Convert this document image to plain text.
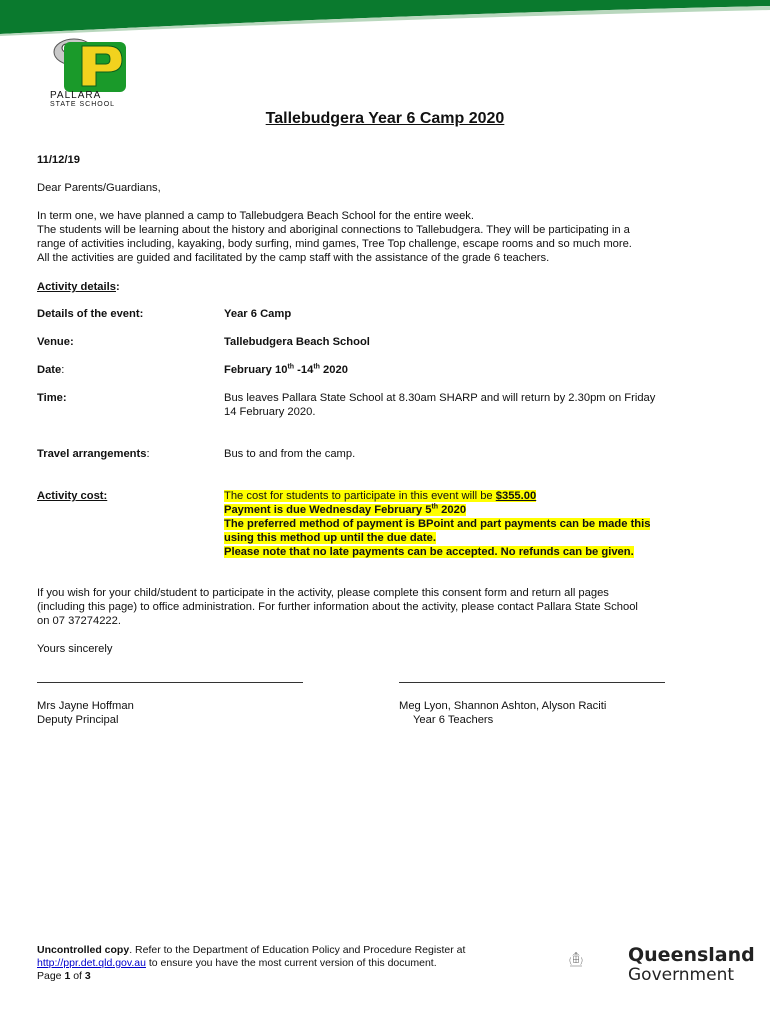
PALLARA
STATE SCHOOL
Tallebudgera Year 6 Camp 2020
11/12/19
Dear Parents/Guardians,
In term one, we have planned a camp to Tallebudgera Beach School for the entire week.
The students will be learning about the history and aboriginal connections to Tallebudgera. They will be participating in a
range of activities including, kayaking, body surfing, mind games, Tree Top challenge, escape rooms and so much more.
All the activities are guided and facilitated by the camp staff with the assistance of the grade 6 teachers.
Activity details:
Details of the event:	Year 6 Camp
Venue:	Tallebudgera Beach School
Date:	February 10th -14th 2020
Time:	Bus leaves Pallara State School at 8.30am SHARP and will return by 2.30pm on Friday
14 February 2020.
Travel arrangements:	Bus to and from the camp.
Activity cost:	The cost for students to participate in this event will be $355.00
Payment is due Wednesday February 5th 2020
The preferred method of payment is BPoint and part payments can be made this
using this method up until the due date.
Please note that no late payments can be accepted. No refunds can be given.
If you wish for your child/student to participate in the activity, please complete this consent form and return all pages
(including this page) to office administration. For further information about the activity, please contact Pallara State School
on 07 37274222.
Yours sincerely
Mrs Jayne Hoffman
Deputy Principal
Meg Lyon, Shannon Ashton, Alyson Raciti
Year 6 Teachers
Uncontrolled copy. Refer to the Department of Education Policy and Procedure Register at
http://ppr.det.qld.gov.au to ensure you have the most current version of this document.
Page 1 of 3
Queensland
Government
